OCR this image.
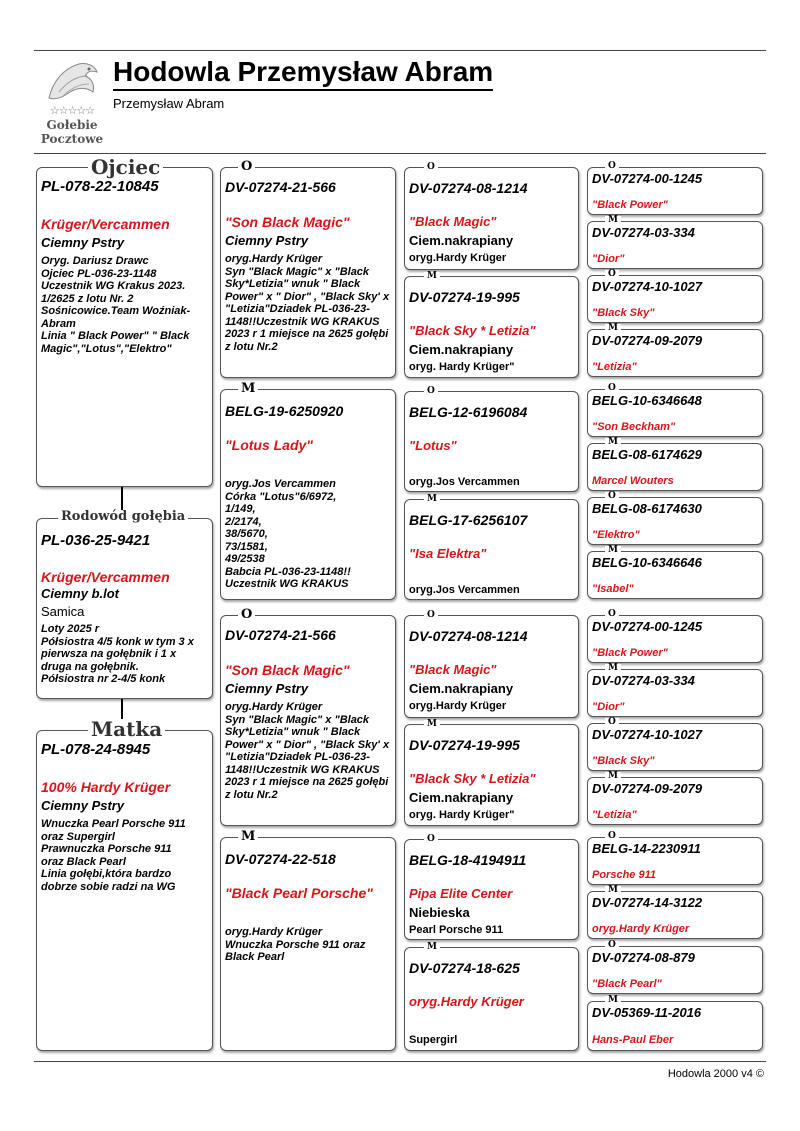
☆☆☆☆☆
Gołebie
Pocztowe
Hodowla Przemysław Abram
Przemysław Abram
PL-078-22-10845
Krüger/Vercammen
Ciemny Pstry
Oryg. Dariusz Drawc
Ojciec PL-036-23-1148
Uczestnik WG Krakus 2023.
1/2625 z lotu Nr. 2
Sośnicowice.Team Woźniak-Abram
Linia " Black Power" " Black Magic","Lotus","Elektro"
Ojciec
PL-036-25-9421
Krüger/Vercammen
Ciemny b.lot
Samica
Loty 2025 r
Półsiostra 4/5 konk w tym 3 x pierwsza na gołębnik i 1 x druga na gołębnik.
Półsiostra nr 2-4/5 konk
Rodowód gołębia
PL-078-24-8945
100% Hardy Krüger
Ciemny Pstry
Wnuczka Pearl Porsche 911
oraz Supergirl
Prawnuczka Porsche 911
oraz Black Pearl
Linia gołębi,która bardzo dobrze sobie radzi na WG
Matka
DV-07274-21-566
"Son Black Magic"
Ciemny Pstry
oryg.Hardy Krüger
Syn "Black Magic" x "Black Sky*Letizia" wnuk " Black Power" x " Dior" , "Black Sky' x "Letizia"Dziadek PL-036-23-1148!!Uczestnik WG KRAKUS 2023 r 1 miejsce na 2625 gołębi z lotu Nr.2
O
BELG-19-6250920
"Lotus Lady"
oryg.Jos Vercammen
Córka "Lotus"6/6972,
1/149,
2/2174,
38/5670,
73/1581,
49/2538
Babcia PL-036-23-1148!!
Uczestnik WG KRAKUS
M
DV-07274-21-566
"Son Black Magic"
Ciemny Pstry
oryg.Hardy Krüger
Syn "Black Magic" x "Black Sky*Letizia" wnuk " Black Power" x " Dior" , "Black Sky' x "Letizia"Dziadek PL-036-23-1148!!Uczestnik WG KRAKUS 2023 r 1 miejsce na 2625 gołębi z lotu Nr.2
O
DV-07274-22-518
"Black Pearl Porsche"
oryg.Hardy Krüger
Wnuczka Porsche 911 oraz Black Pearl
M
DV-07274-08-1214
"Black Magic"
Ciem.nakrapiany
oryg.Hardy Krüger
O
DV-07274-19-995
"Black Sky * Letizia"
Ciem.nakrapiany
oryg. Hardy Krüger"
M
BELG-12-6196084
"Lotus"
oryg.Jos Vercammen
O
BELG-17-6256107
"Isa Elektra"
oryg.Jos Vercammen
M
DV-07274-08-1214
"Black Magic"
Ciem.nakrapiany
oryg.Hardy Krüger
O
DV-07274-19-995
"Black Sky * Letizia"
Ciem.nakrapiany
oryg. Hardy Krüger"
M
BELG-18-4194911
Pipa Elite Center
Niebieska
Pearl Porsche 911
O
DV-07274-18-625
oryg.Hardy Krüger
Supergirl
M
DV-07274-00-1245
"Black Power"
O
DV-07274-03-334
"Dior"
M
DV-07274-10-1027
"Black Sky"
O
DV-07274-09-2079
"Letizia"
M
BELG-10-6346648
"Son Beckham"
O
BELG-08-6174629
Marcel Wouters
M
BELG-08-6174630
"Elektro"
O
BELG-10-6346646
"Isabel"
M
DV-07274-00-1245
"Black Power"
O
DV-07274-03-334
"Dior"
M
DV-07274-10-1027
"Black Sky"
O
DV-07274-09-2079
"Letizia"
M
BELG-14-2230911
Porsche 911
O
DV-07274-14-3122
oryg.Hardy Krüger
M
DV-07274-08-879
"Black Pearl"
O
DV-05369-11-2016
Hans-Paul Eber
M
Hodowla 2000 v4 ©
